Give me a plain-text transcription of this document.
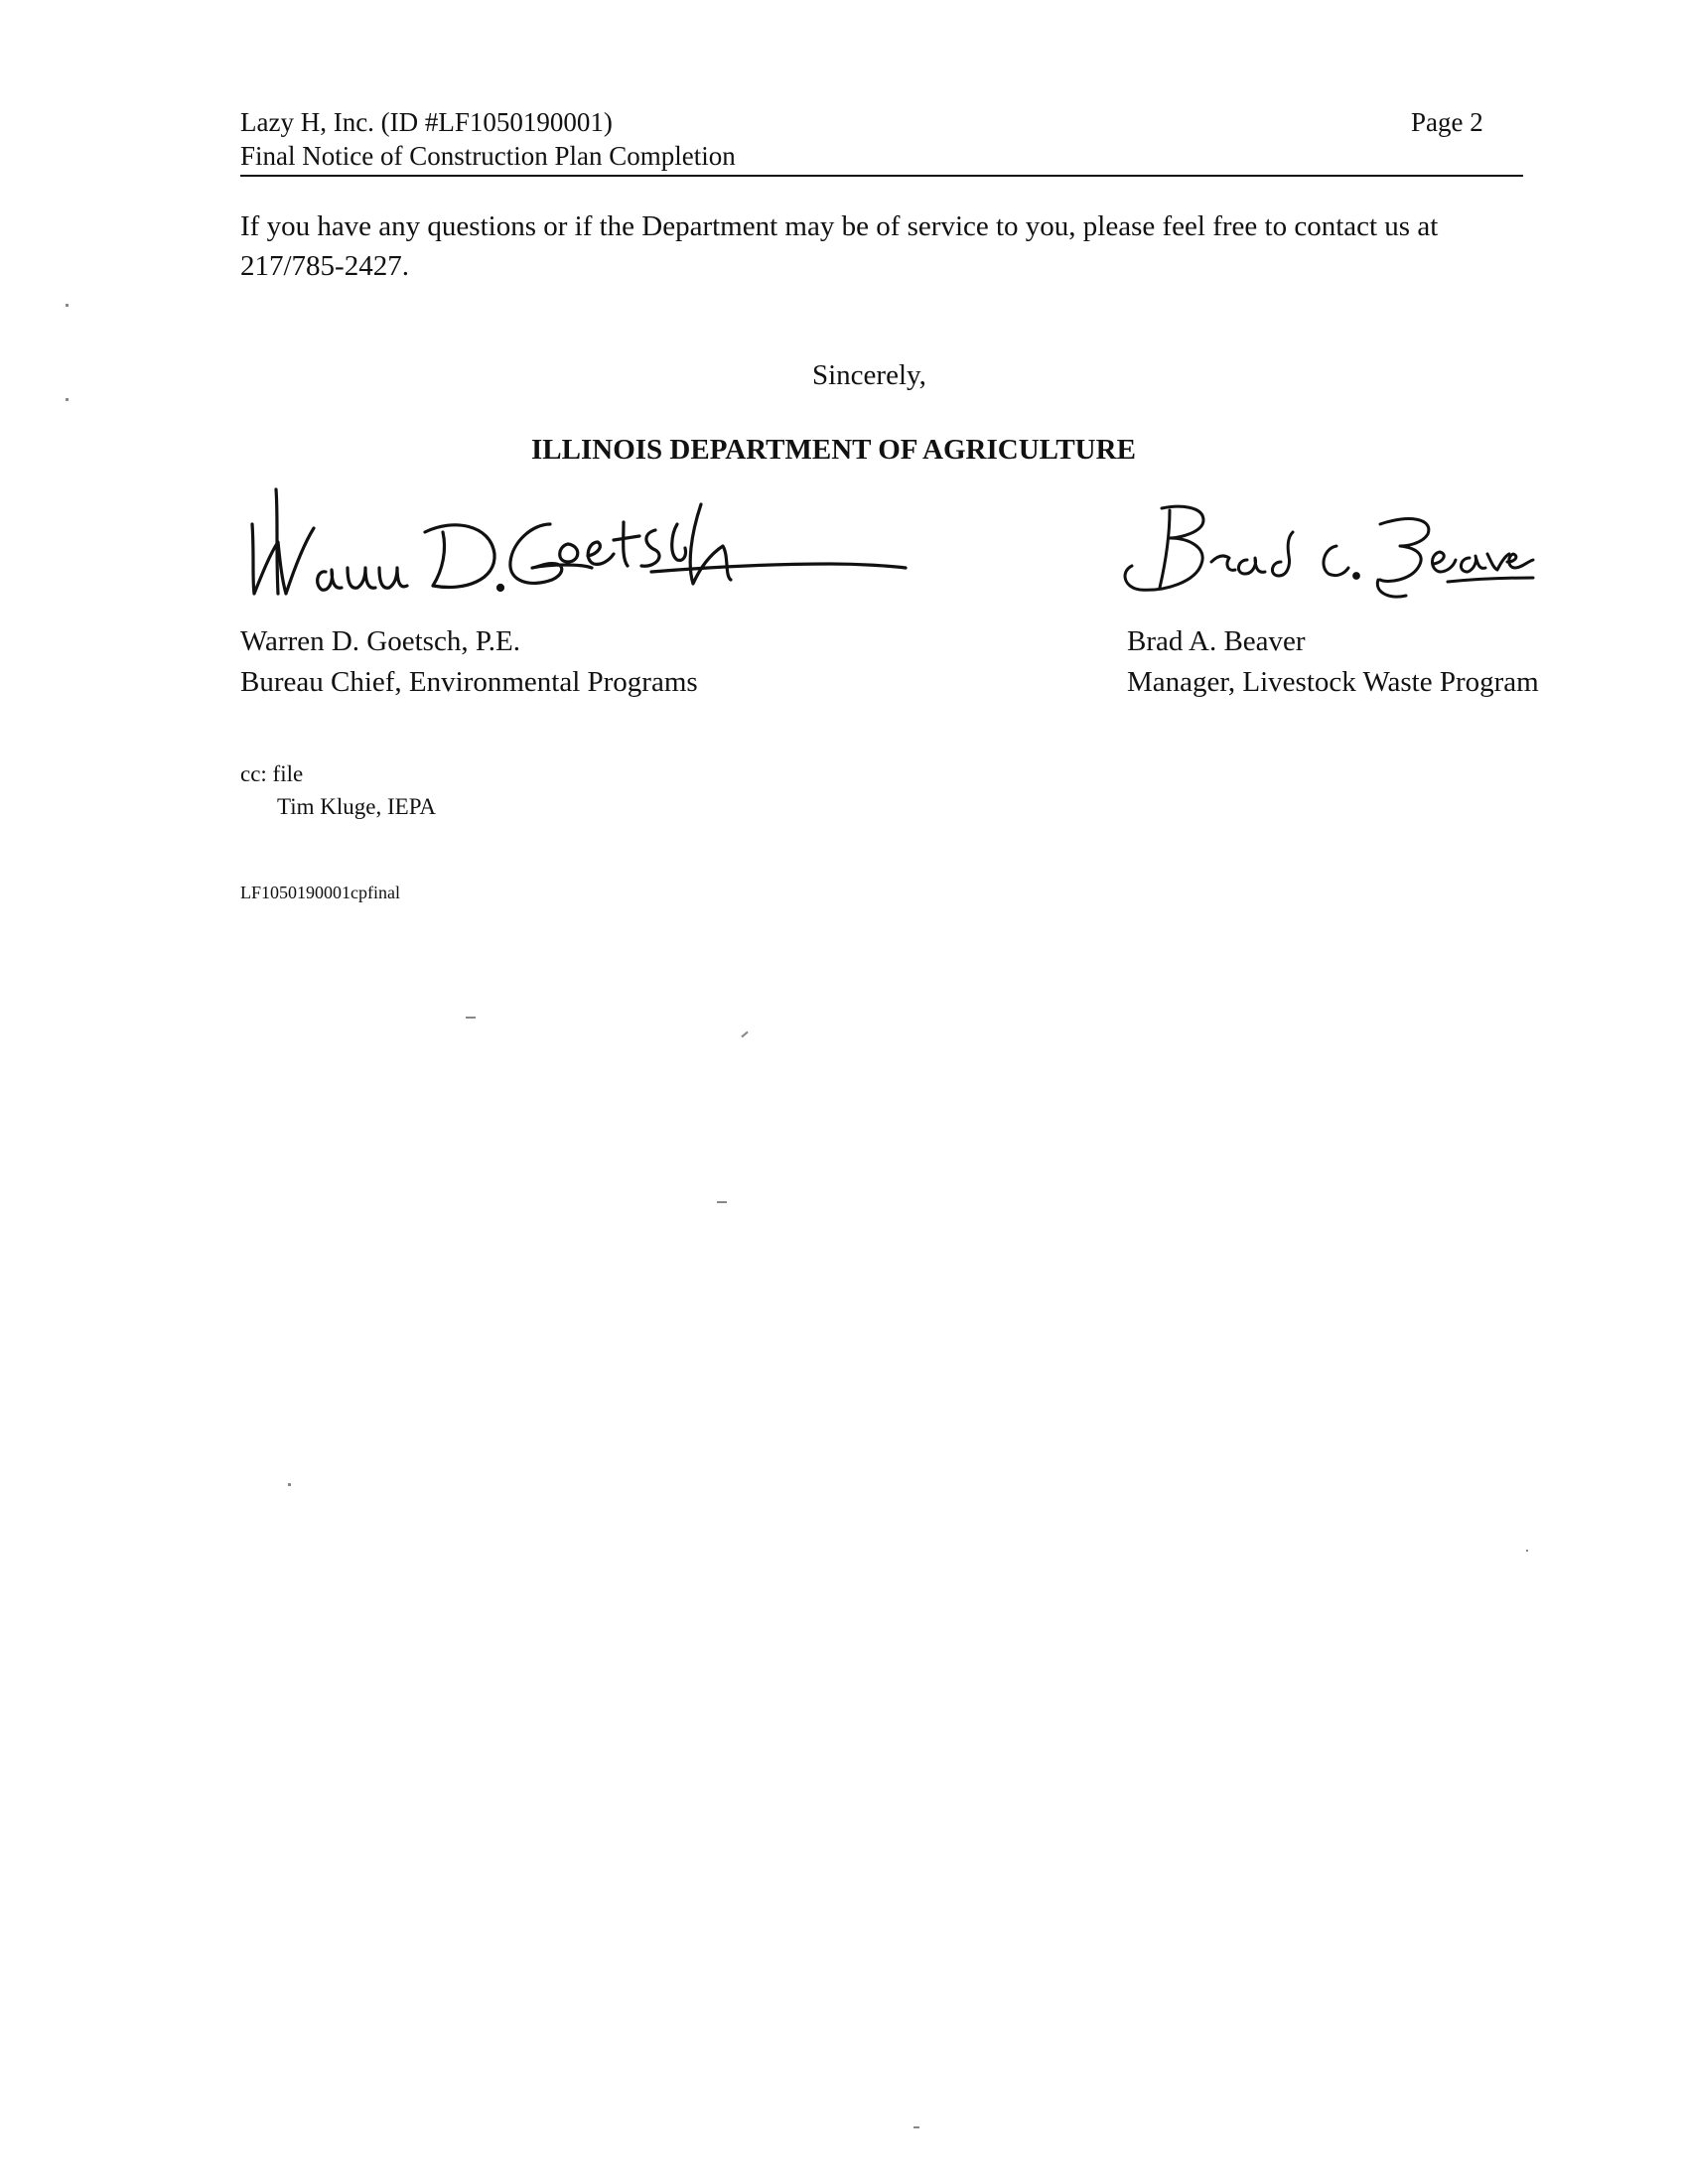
Lazy H, Inc. (ID #LF1050190001)
Final Notice of Construction Plan Completion
Page 2
If you have any questions or if the Department may be of service to you, please feel free to contact us at 217/785-2427.
Sincerely,
ILLINOIS DEPARTMENT OF AGRICULTURE
Warren D. Goetsch, P.E.
Bureau Chief, Environmental Programs
Brad A. Beaver
Manager, Livestock Waste Program
cc: file
Tim Kluge, IEPA
LF1050190001cpfinal
